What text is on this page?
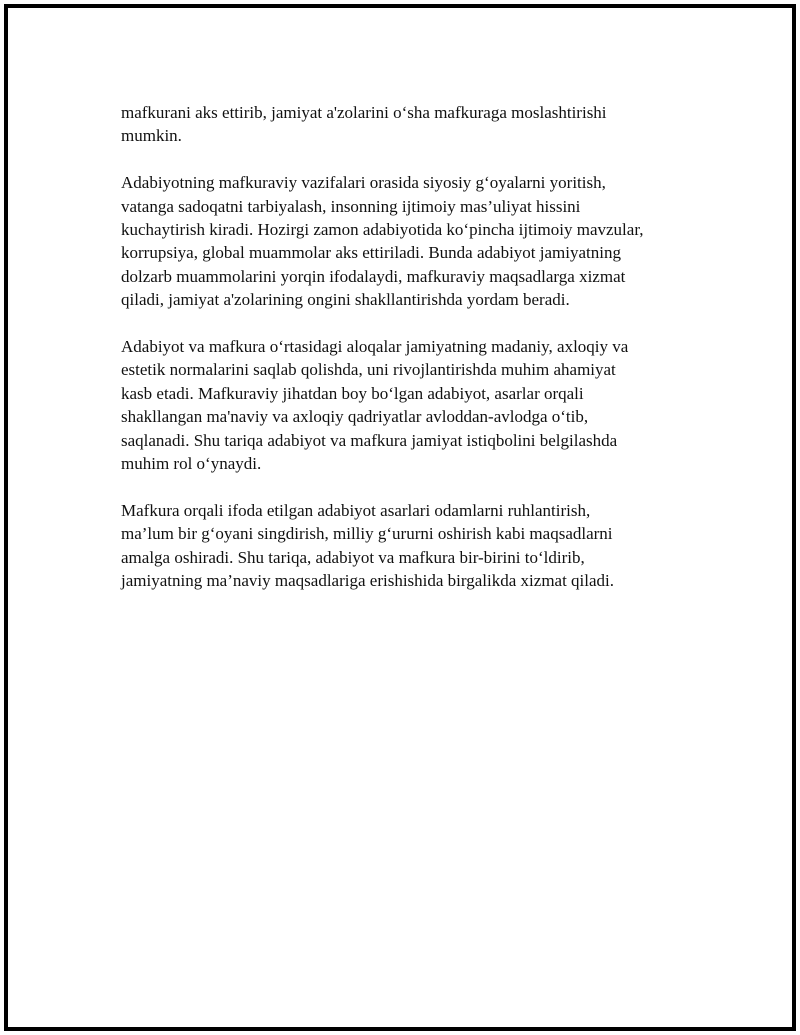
mafkurani aks ettirib, jamiyat a'zolarini o‘sha mafkuraga moslashtirishi
mumkin.

Adabiyotning mafkuraviy vazifalari orasida siyosiy g‘oyalarni yoritish,
vatanga sadoqatni tarbiyalash, insonning ijtimoiy mas’uliyat hissini
kuchaytirish kiradi. Hozirgi zamon adabiyotida ko‘pincha ijtimoiy mavzular,
korrupsiya, global muammolar aks ettiriladi. Bunda adabiyot jamiyatning
dolzarb muammolarini yorqin ifodalaydi, mafkuraviy maqsadlarga xizmat
qiladi, jamiyat a'zolarining ongini shakllantirishda yordam beradi.

Adabiyot va mafkura o‘rtasidagi aloqalar jamiyatning madaniy, axloqiy va
estetik normalarini saqlab qolishda, uni rivojlantirishda muhim ahamiyat
kasb etadi. Mafkuraviy jihatdan boy bo‘lgan adabiyot, asarlar orqali
shakllangan ma'naviy va axloqiy qadriyatlar avloddan-avlodga o‘tib,
saqlanadi. Shu tariqa adabiyot va mafkura jamiyat istiqbolini belgilashda
muhim rol o‘ynaydi.

Mafkura orqali ifoda etilgan adabiyot asarlari odamlarni ruhlantirish,
ma’lum bir g‘oyani singdirish, milliy g‘ururni oshirish kabi maqsadlarni
amalga oshiradi. Shu tariqa, adabiyot va mafkura bir-birini to‘ldirib,
jamiyatning ma’naviy maqsadlariga erishishida birgalikda xizmat qiladi.
